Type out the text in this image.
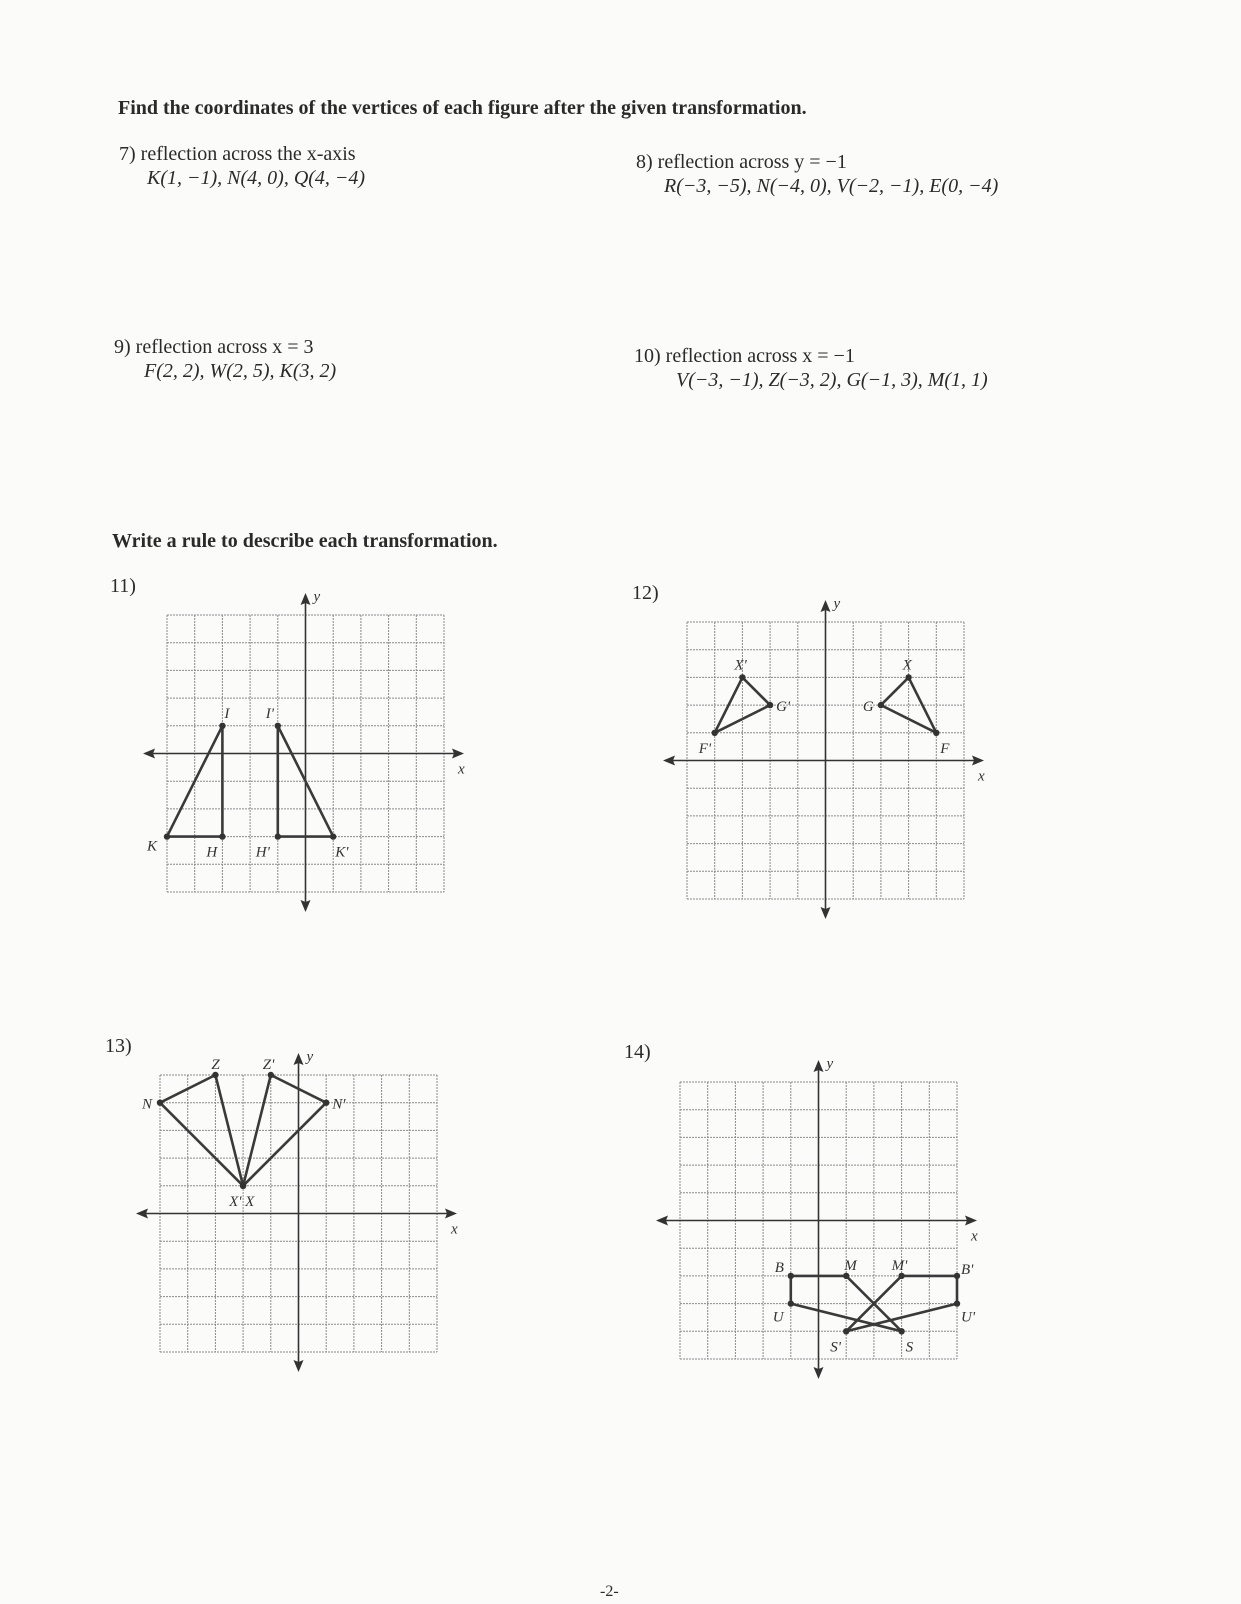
Find the coordinates of the vertices of each figure after the given transformation.
7) reflection across the x-axis
K(1, −1), N(4, 0), Q(4, −4)
8) reflection across y = −1
R(−3, −5), N(−4, 0), V(−2, −1), E(0, −4)
9) reflection across x = 3
F(2, 2), W(2, 5), K(3, 2)
10) reflection across x = −1
V(−3, −1), Z(−3, 2), G(−1, 3), M(1, 1)
Write a rule to describe each transformation.
11)	12)
13)	14)
x
y
K	H
I I'
H'	K'
x
y
F'
X'
G'	G
X
F
x
y
N
Z
X
Z'
N'
X'
x
y
B	M
S
U
M'	B'
U'
S'
-2-
